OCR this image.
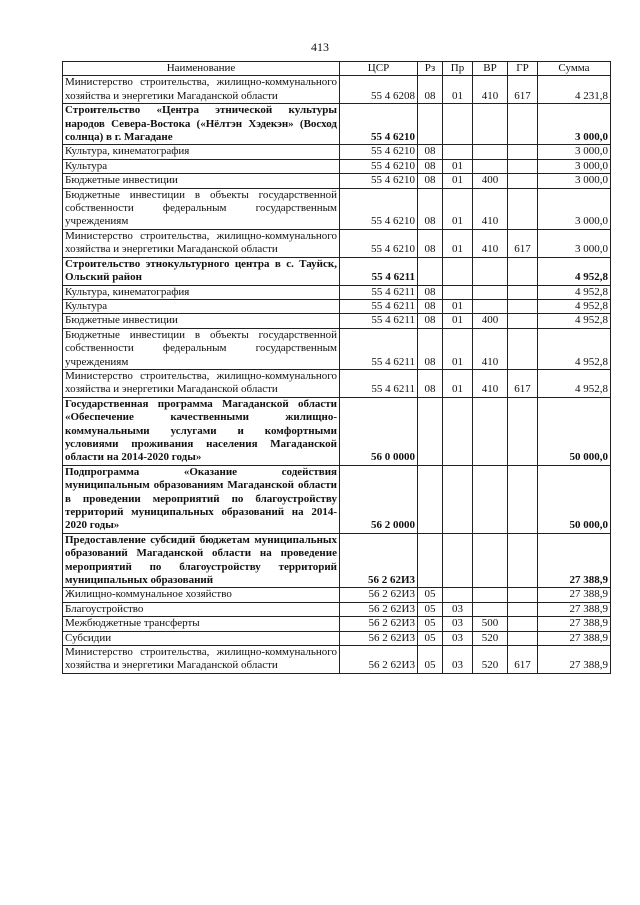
413
Наименование	ЦСР	Рз	Пр	ВР	ГР	Сумма
Министерство строительства, жилищно-коммунального хозяйства и энергетики Магаданской области	55 4 6208	08	01	410	617	4 231,8
Строительство «Центра этнической культуры народов Севера-Востока («Нёлтэн Хэдекэн» (Восход солнца) в г. Магадане	55 4 6210					3 000,0
Культура, кинематография	55 4 6210	08				3 000,0
Культура	55 4 6210	08	01			3 000,0
Бюджетные инвестиции	55 4 6210	08	01	400		3 000,0
Бюджетные инвестиции в объекты государственной собственности федеральным государственным учреждениям	55 4 6210	08	01	410		3 000,0
Министерство строительства, жилищно-коммунального хозяйства и энергетики Магаданской области	55 4 6210	08	01	410	617	3 000,0
Строительство этнокультурного центра в с. Тауйск, Ольский район	55 4 6211					4 952,8
Культура, кинематография	55 4 6211	08				4 952,8
Культура	55 4 6211	08	01			4 952,8
Бюджетные инвестиции	55 4 6211	08	01	400		4 952,8
Бюджетные инвестиции в объекты государственной собственности федеральным государственным учреждениям	55 4 6211	08	01	410		4 952,8
Министерство строительства, жилищно-коммунального хозяйства и энергетики Магаданской области	55 4 6211	08	01	410	617	4 952,8
Государственная программа Магаданской области «Обеспечение качественными жилищно-коммунальными услугами и комфортными условиями проживания населения Магаданской области на 2014-2020 годы»	56 0 0000					50 000,0
Подпрограмма «Оказание содействия муниципальным образованиям Магаданской области в проведении мероприятий по благоустройству территорий муниципальных образований на 2014-2020 годы»	56 2 0000					50 000,0
Предоставление субсидий бюджетам муниципальных образований Магаданской области на проведение мероприятий по благоустройству территорий муниципальных образований	56 2 62И3					27 388,9
Жилищно-коммунальное хозяйство	56 2 62И3	05				27 388,9
Благоустройство	56 2 62И3	05	03			27 388,9
Межбюджетные трансферты	56 2 62И3	05	03	500		27 388,9
Субсидии	56 2 62И3	05	03	520		27 388,9
Министерство строительства, жилищно-коммунального хозяйства и энергетики Магаданской области	56 2 62И3	05	03	520	617	27 388,9
